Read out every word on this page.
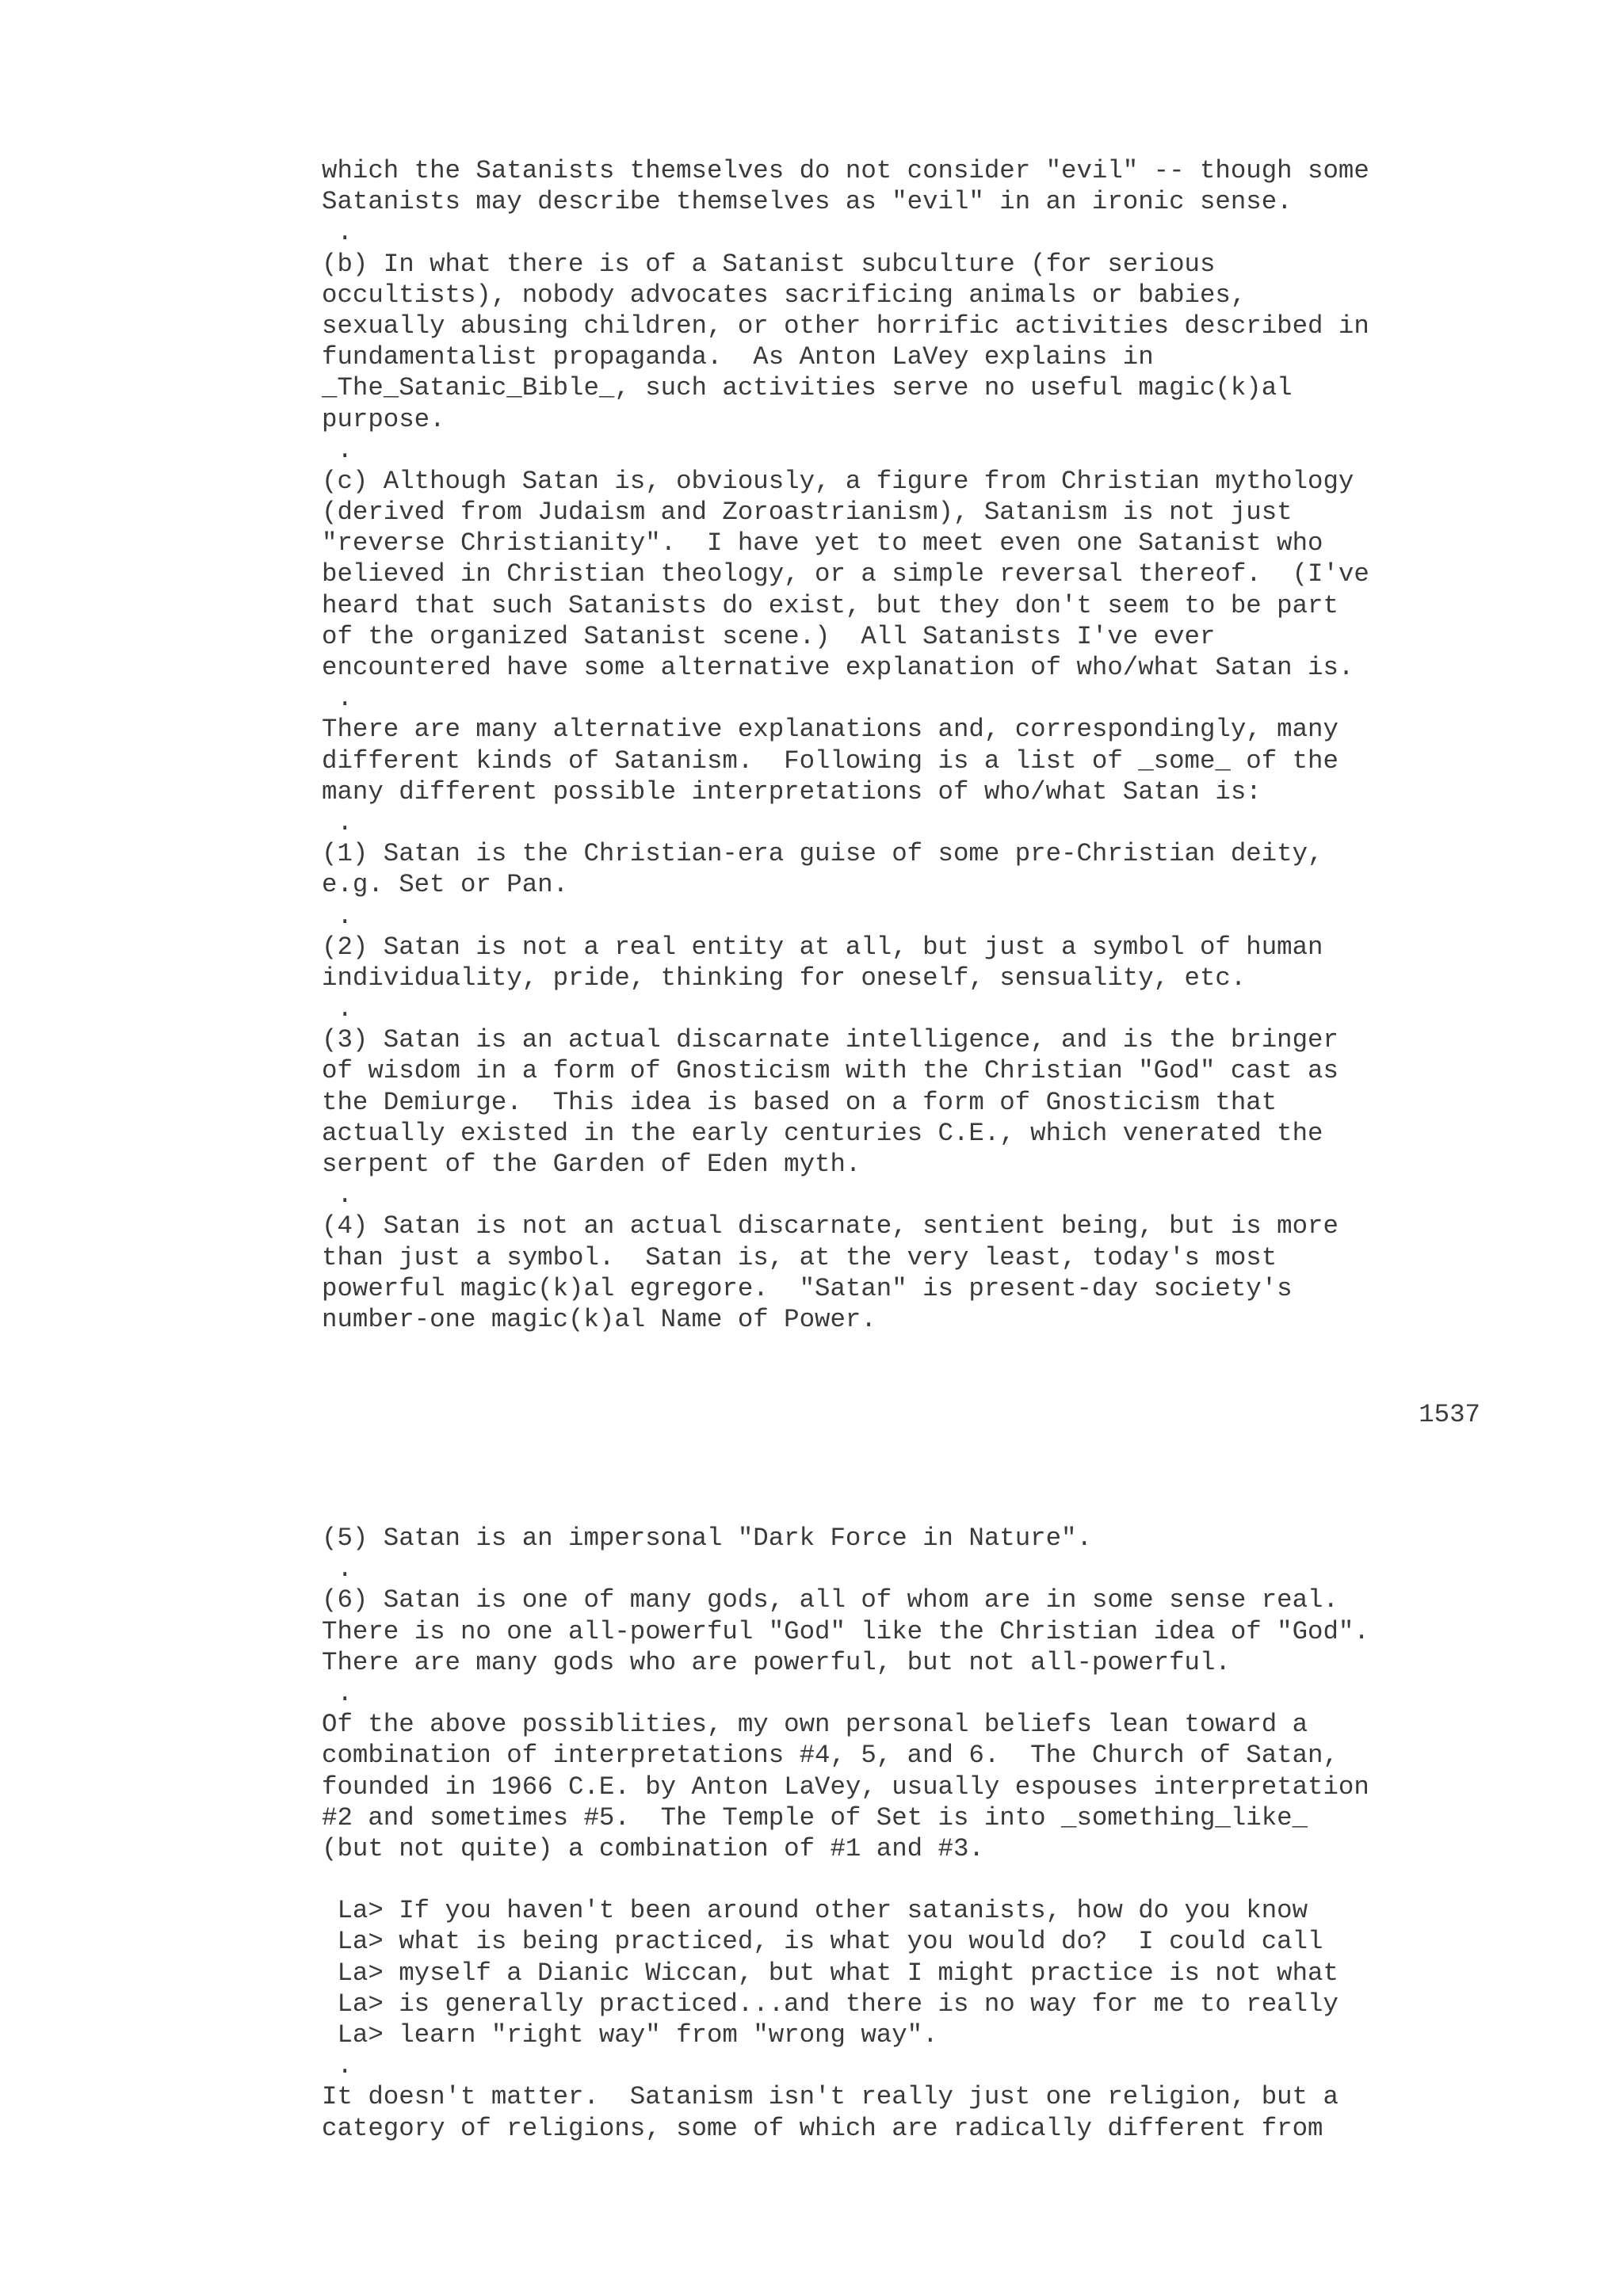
which the Satanists themselves do not consider "evil" -- though some
Satanists may describe themselves as "evil" in an ironic sense.
.
(b) In what there is of a Satanist subculture (for serious
occultists), nobody advocates sacrificing animals or babies,
sexually abusing children, or other horrific activities described in
fundamentalist propaganda.  As Anton LaVey explains in
_The_Satanic_Bible_, such activities serve no useful magic(k)al
purpose.
.
(c) Although Satan is, obviously, a figure from Christian mythology
(derived from Judaism and Zoroastrianism), Satanism is not just
"reverse Christianity".  I have yet to meet even one Satanist who
believed in Christian theology, or a simple reversal thereof.  (I've
heard that such Satanists do exist, but they don't seem to be part
of the organized Satanist scene.)  All Satanists I've ever
encountered have some alternative explanation of who/what Satan is.
.
There are many alternative explanations and, correspondingly, many
different kinds of Satanism.  Following is a list of _some_ of the
many different possible interpretations of who/what Satan is:
.
(1) Satan is the Christian-era guise of some pre-Christian deity,
e.g. Set or Pan.
.
(2) Satan is not a real entity at all, but just a symbol of human
individuality, pride, thinking for oneself, sensuality, etc.
.
(3) Satan is an actual discarnate intelligence, and is the bringer
of wisdom in a form of Gnosticism with the Christian "God" cast as
the Demiurge.  This idea is based on a form of Gnosticism that
actually existed in the early centuries C.E., which venerated the
serpent of the Garden of Eden myth.
.
(4) Satan is not an actual discarnate, sentient being, but is more
than just a symbol.  Satan is, at the very least, today's most
powerful magic(k)al egregore.  "Satan" is present-day society's
number-one magic(k)al Name of Power.
1537
(5) Satan is an impersonal "Dark Force in Nature".
.
(6) Satan is one of many gods, all of whom are in some sense real.
There is no one all-powerful "God" like the Christian idea of "God".
There are many gods who are powerful, but not all-powerful.
.
Of the above possiblities, my own personal beliefs lean toward a
combination of interpretations #4, 5, and 6.  The Church of Satan,
founded in 1966 C.E. by Anton LaVey, usually espouses interpretation
#2 and sometimes #5.  The Temple of Set is into _something_like_
(but not quite) a combination of #1 and #3.
La> If you haven't been around other satanists, how do you know
La> what is being practiced, is what you would do?  I could call
La> myself a Dianic Wiccan, but what I might practice is not what
La> is generally practiced...and there is no way for me to really
La> learn "right way" from "wrong way".
.
It doesn't matter.  Satanism isn't really just one religion, but a
category of religions, some of which are radically different from
